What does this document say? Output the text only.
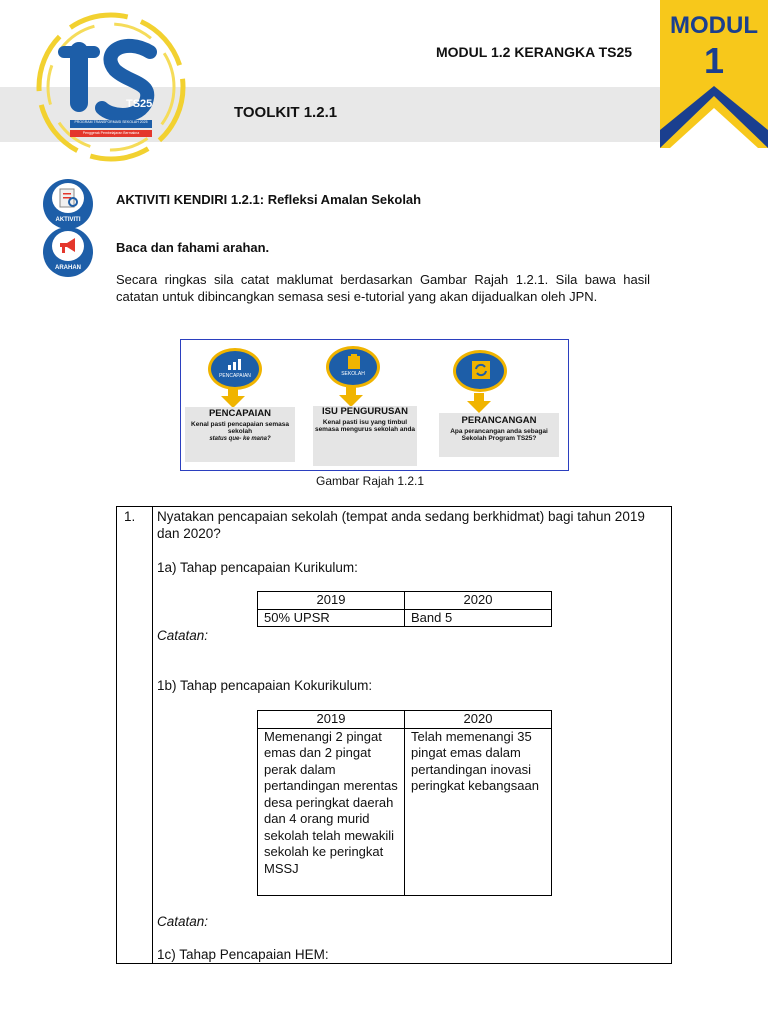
TS25
PROGRAM TRANSFORMASI SEKOLAH 2025
Penggerak Pembelajaran Bermakna
MODUL 1.2 KERANGKA TS25
TOOLKIT 1.2.1
MODUL
1
AKTIVITI
ARAHAN
AKTIVITI KENDIRI 1.2.1: Refleksi Amalan Sekolah
Baca dan fahami arahan.
Secara ringkas sila catat maklumat berdasarkan Gambar Rajah 1.2.1. Sila bawa hasil catatan untuk dibincangkan semasa sesi e-tutorial yang akan dijadualkan oleh JPN.
PENCAPAIAN
PENCAPAIAN
Kenal pasti pencapaian semasa sekolah
status que- ke mana?
SEKOLAH
ISU PENGURUSAN
Kenal pasti isu yang timbul semasa mengurus sekolah anda
PERANCANGAN
Apa perancangan anda sebagai Sekolah Program TS25?
Gambar Rajah 1.2.1
1. Nyatakan pencapaian sekolah (tempat anda sedang berkhidmat) bagi tahun 2019 dan 2020?
1a) Tahap pencapaian Kurikulum:
2019	2020
50% UPSR	Band 5
Catatan:
1b) Tahap pencapaian Kokurikulum:
2019	2020
Memenangi 2 pingat emas dan 2 pingat perak dalam pertandingan merentas desa peringkat daerah dan 4 orang murid sekolah telah mewakili sekolah ke peringkat MSSJ	Telah memenangi 35 pingat emas dalam pertandingan inovasi peringkat kebangsaan
Catatan:
1c) Tahap Pencapaian HEM:
